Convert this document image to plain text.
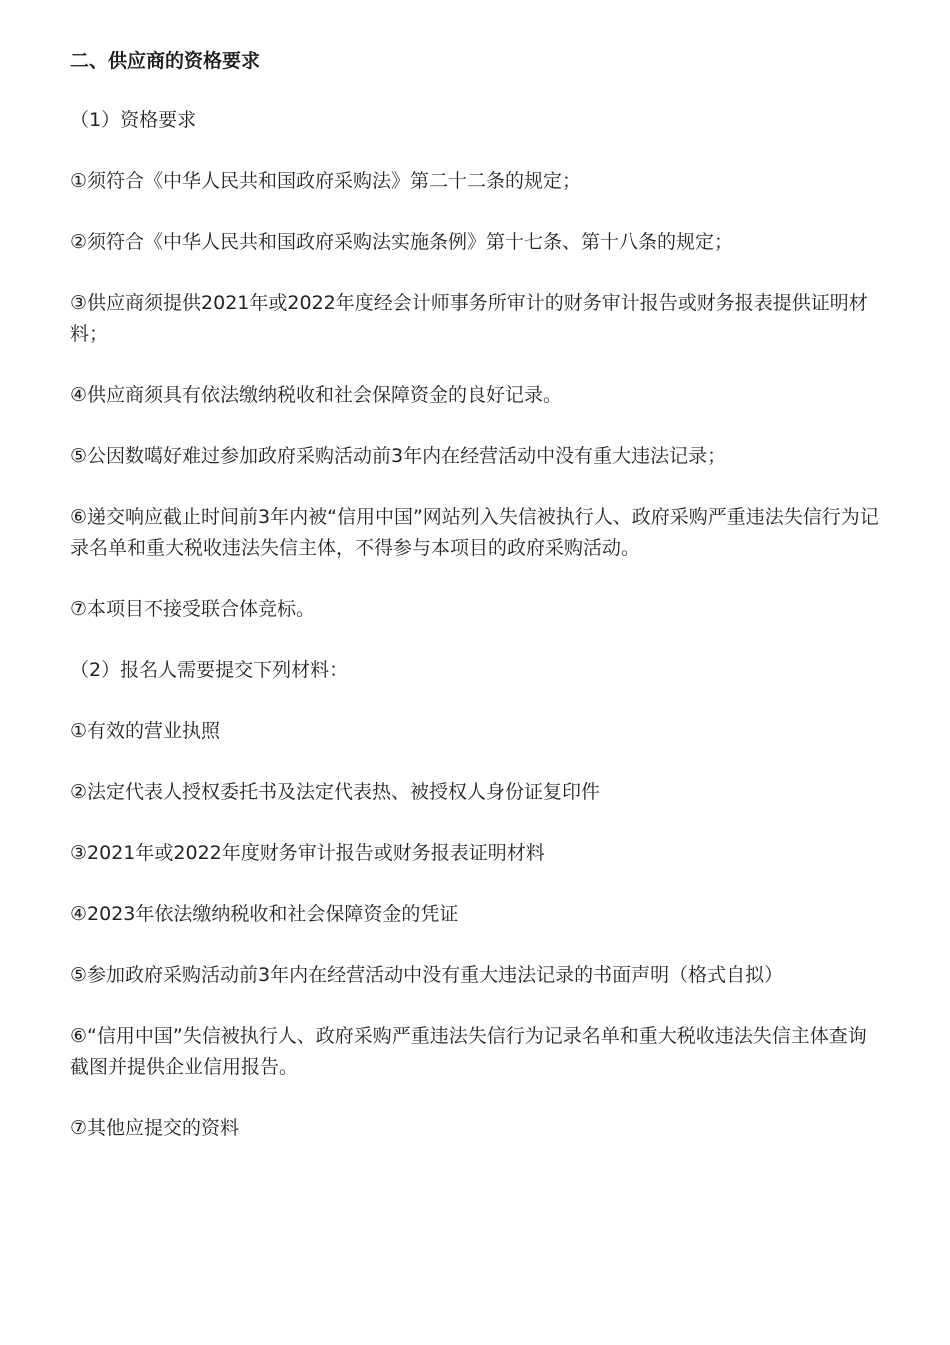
二、供应商的资格要求
（1）资格要求
①须符合《中华人民共和国政府采购法》第二十二条的规定；
②须符合《中华人民共和国政府采购法实施条例》第十七条、第十八条的规定；
③供应商须提供2021年或2022年度经会计师事务所审计的财务审计报告或财务报表提供证明材料；
④供应商须具有依法缴纳税收和社会保障资金的良好记录。
⑤公因数噶好难过参加政府采购活动前3年内在经营活动中没有重大违法记录；
⑥递交响应截止时间前3年内被“信用中国”网站列入失信被执行人、政府采购严重违法失信行为记录名单和重大税收违法失信主体，不得参与本项目的政府采购活动。
⑦本项目不接受联合体竞标。
（2）报名人需要提交下列材料：
①有效的营业执照
②法定代表人授权委托书及法定代表热、被授权人身份证复印件
③2021年或2022年度财务审计报告或财务报表证明材料
④2023年依法缴纳税收和社会保障资金的凭证
⑤参加政府采购活动前3年内在经营活动中没有重大违法记录的书面声明（格式自拟）
⑥“信用中国”失信被执行人、政府采购严重违法失信行为记录名单和重大税收违法失信主体查询截图并提供企业信用报告。
⑦其他应提交的资料
